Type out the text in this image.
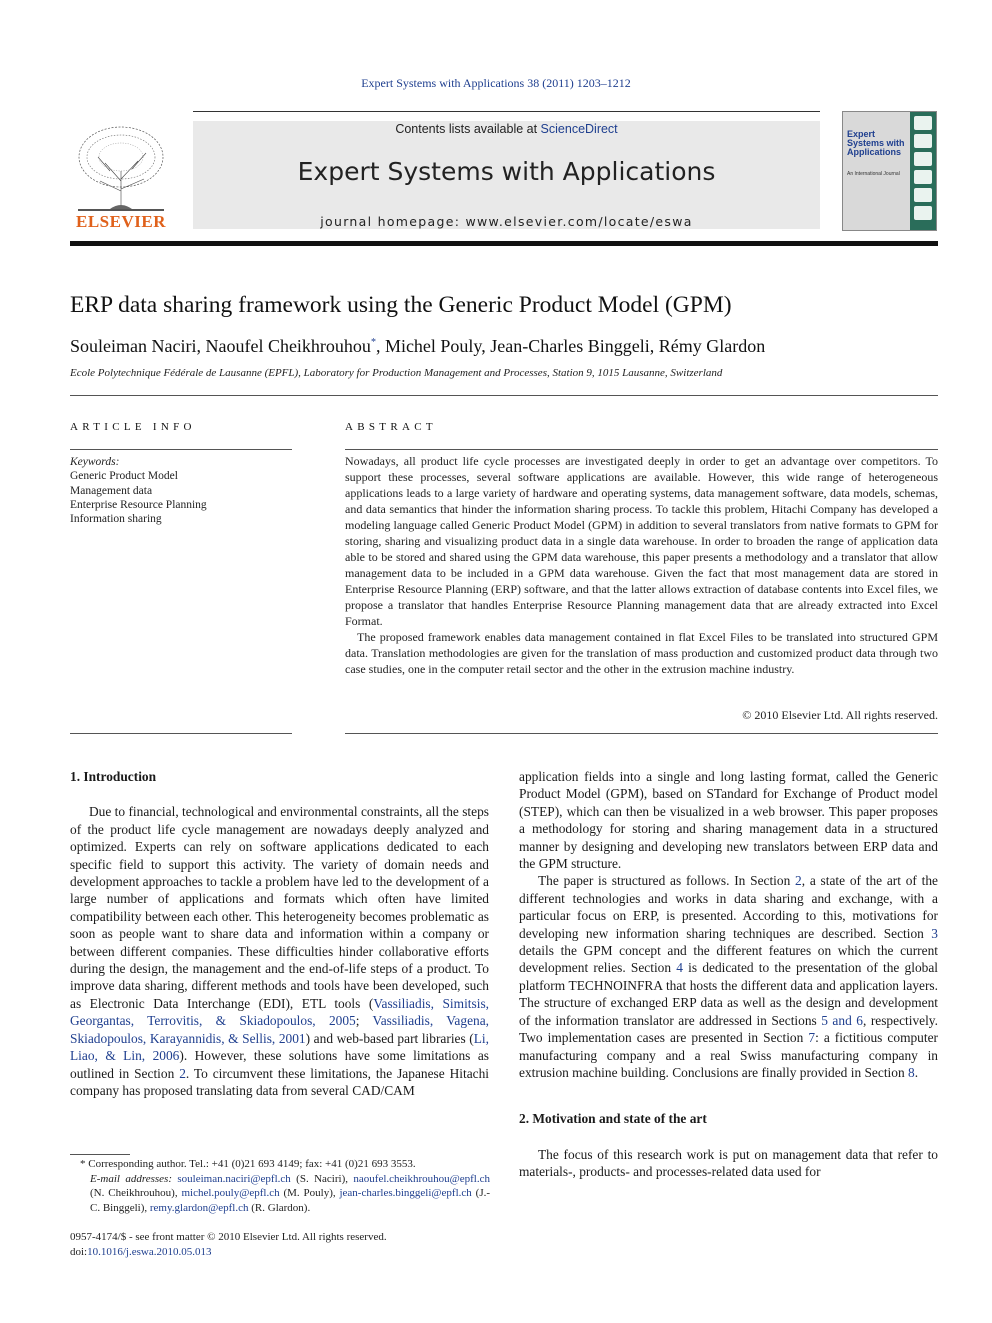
Expert Systems with Applications 38 (2011) 1203–1212
ELSEVIER
Contents lists available at ScienceDirect
Expert Systems with Applications
journal homepage: www.elsevier.com/locate/eswa
Expert Systems with Applications
An International Journal
ERP data sharing framework using the Generic Product Model (GPM)
Souleiman Naciri, Naoufel Cheikhrouhou*, Michel Pouly, Jean-Charles Binggeli, Rémy Glardon
Ecole Polytechnique Fédérale de Lausanne (EPFL), Laboratory for Production Management and Processes, Station 9, 1015 Lausanne, Switzerland
ARTICLE INFO	ABSTRACT
Keywords:
Generic Product Model
Management data
Enterprise Resource Planning
Information sharing

Nowadays, all product life cycle processes are investigated deeply in order to get an advantage over competitors. To support these processes, several software applications are available. However, this wide range of heterogeneous applications leads to a large variety of hardware and operating systems, data management software, data models, schemas, and data semantics that hinder the information sharing process. To tackle this problem, Hitachi Company has developed a modeling language called Generic Product Model (GPM) in addition to several translators from native formats to GPM for storing, sharing and visualizing product data in a single data warehouse. In order to broaden the range of application data able to be stored and shared using the GPM data warehouse, this paper presents a methodology and a translator that allow management data to be included in a GPM data warehouse. Given the fact that most management data are stored in Enterprise Resource Planning (ERP) software, and that the latter allows extraction of database contents into Excel files, we propose a translator that handles Enterprise Resource Planning management data that are already extracted into Excel Format.

The proposed framework enables data management contained in flat Excel Files to be translated into structured GPM data. Translation methodologies are given for the translation of mass production and customized product data through two case studies, one in the computer retail sector and the other in the extrusion machine industry.

© 2010 Elsevier Ltd. All rights reserved.
1. Introduction

Due to financial, technological and environmental constraints, all the steps of the product life cycle management are nowadays deeply analyzed and optimized. Experts can rely on software applications dedicated to each specific field to support this activity. The variety of domain needs and development approaches to tackle a problem have led to the development of a large number of applications and formats which often have limited compatibility between each other. This heterogeneity becomes problematic as soon as people want to share data and information within a company or between different companies. These difficulties hinder collaborative efforts during the design, the management and the end-of-life steps of a product. To improve data sharing, different methods and tools have been developed, such as Electronic Data Interchange (EDI), ETL tools (Vassiliadis, Simitsis, Georgantas, Terrovitis, & Skiadopoulos, 2005; Vassiliadis, Vagena, Skiadopoulos, Karayannidis, & Sellis, 2001) and web-based part libraries (Li, Liao, & Lin, 2006). However, these solutions have some limitations as outlined in Section 2. To circumvent these limitations, the Japanese Hitachi company has proposed translating data from several CAD/CAM

application fields into a single and long lasting format, called the Generic Product Model (GPM), based on STandard for Exchange of Product model (STEP), which can then be visualized in a web browser. This paper proposes a methodology for storing and sharing management data in a structured manner by designing and developing new translators between ERP data and the GPM structure.

The paper is structured as follows. In Section 2, a state of the art of the different technologies and works in data sharing and exchange, with a particular focus on ERP, is presented. According to this, motivations for developing new information sharing techniques are described. Section 3 details the GPM concept and the different features on which the current development relies. Section 4 is dedicated to the presentation of the global platform TECHNOINFRA that hosts the different data and application layers. The structure of exchanged ERP data as well as the design and development of the information translator are addressed in Sections 5 and 6, respectively. Two implementation cases are presented in Section 7: a fictitious computer manufacturing company and a real Swiss manufacturing company in extrusion machine building. Conclusions are finally provided in Section 8.

2. Motivation and state of the art

The focus of this research work is put on management data that refer to materials-, products- and processes-related data used for

* Corresponding author. Tel.: +41 (0)21 693 4149; fax: +41 (0)21 693 3553.
E-mail addresses: souleiman.naciri@epfl.ch (S. Naciri), naoufel.cheikhrouhou@epfl.ch (N. Cheikhrouhou), michel.pouly@epfl.ch (M. Pouly), jean-charles.binggeli@epfl.ch (J.-C. Binggeli), remy.glardon@epfl.ch (R. Glardon).
0957-4174/$ - see front matter © 2010 Elsevier Ltd. All rights reserved.
doi:10.1016/j.eswa.2010.05.013
